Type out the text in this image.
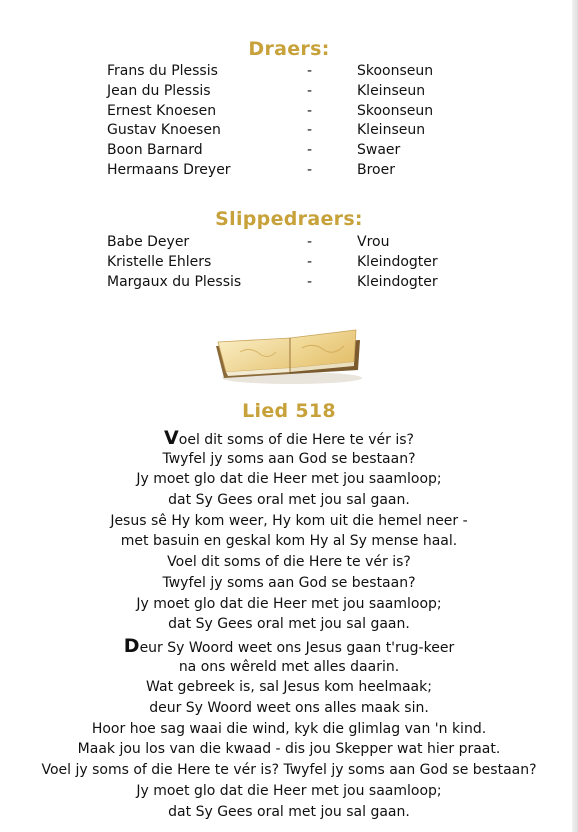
Draers:
Frans du Plessis	-	Skoonseun
Jean du Plessis	-	Kleinseun
Ernest Knoesen	-	Skoonseun
Gustav Knoesen	-	Kleinseun
Boon Barnard	-	Swaer
Hermaans Dreyer	-	Broer
Slippedraers:
Babe Deyer	-	Vrou
Kristelle Ehlers	-	Kleindogter
Margaux du Plessis	-	Kleindogter
Lied 518
Voel dit soms of die Here te vér is?
Twyfel jy soms aan God se bestaan?
Jy moet glo dat die Heer met jou saamloop;
dat Sy Gees oral met jou sal gaan.
Jesus sê Hy kom weer, Hy kom uit die hemel neer -
met basuin en geskal kom Hy al Sy mense haal.
Voel dit soms of die Here te vér is?
Twyfel jy soms aan God se bestaan?
Jy moet glo dat die Heer met jou saamloop;
dat Sy Gees oral met jou sal gaan.
Deur Sy Woord weet ons Jesus gaan t'rug-keer
na ons wêreld met alles daarin.
Wat gebreek is, sal Jesus kom heelmaak;
deur Sy Woord weet ons alles maak sin.
Hoor hoe sag waai die wind, kyk die glimlag van 'n kind.
Maak jou los van die kwaad - dis jou Skepper wat hier praat.
Voel jy soms of die Here te vér is? Twyfel jy soms aan God se bestaan?
Jy moet glo dat die Heer met jou saamloop;
dat Sy Gees oral met jou sal gaan.
